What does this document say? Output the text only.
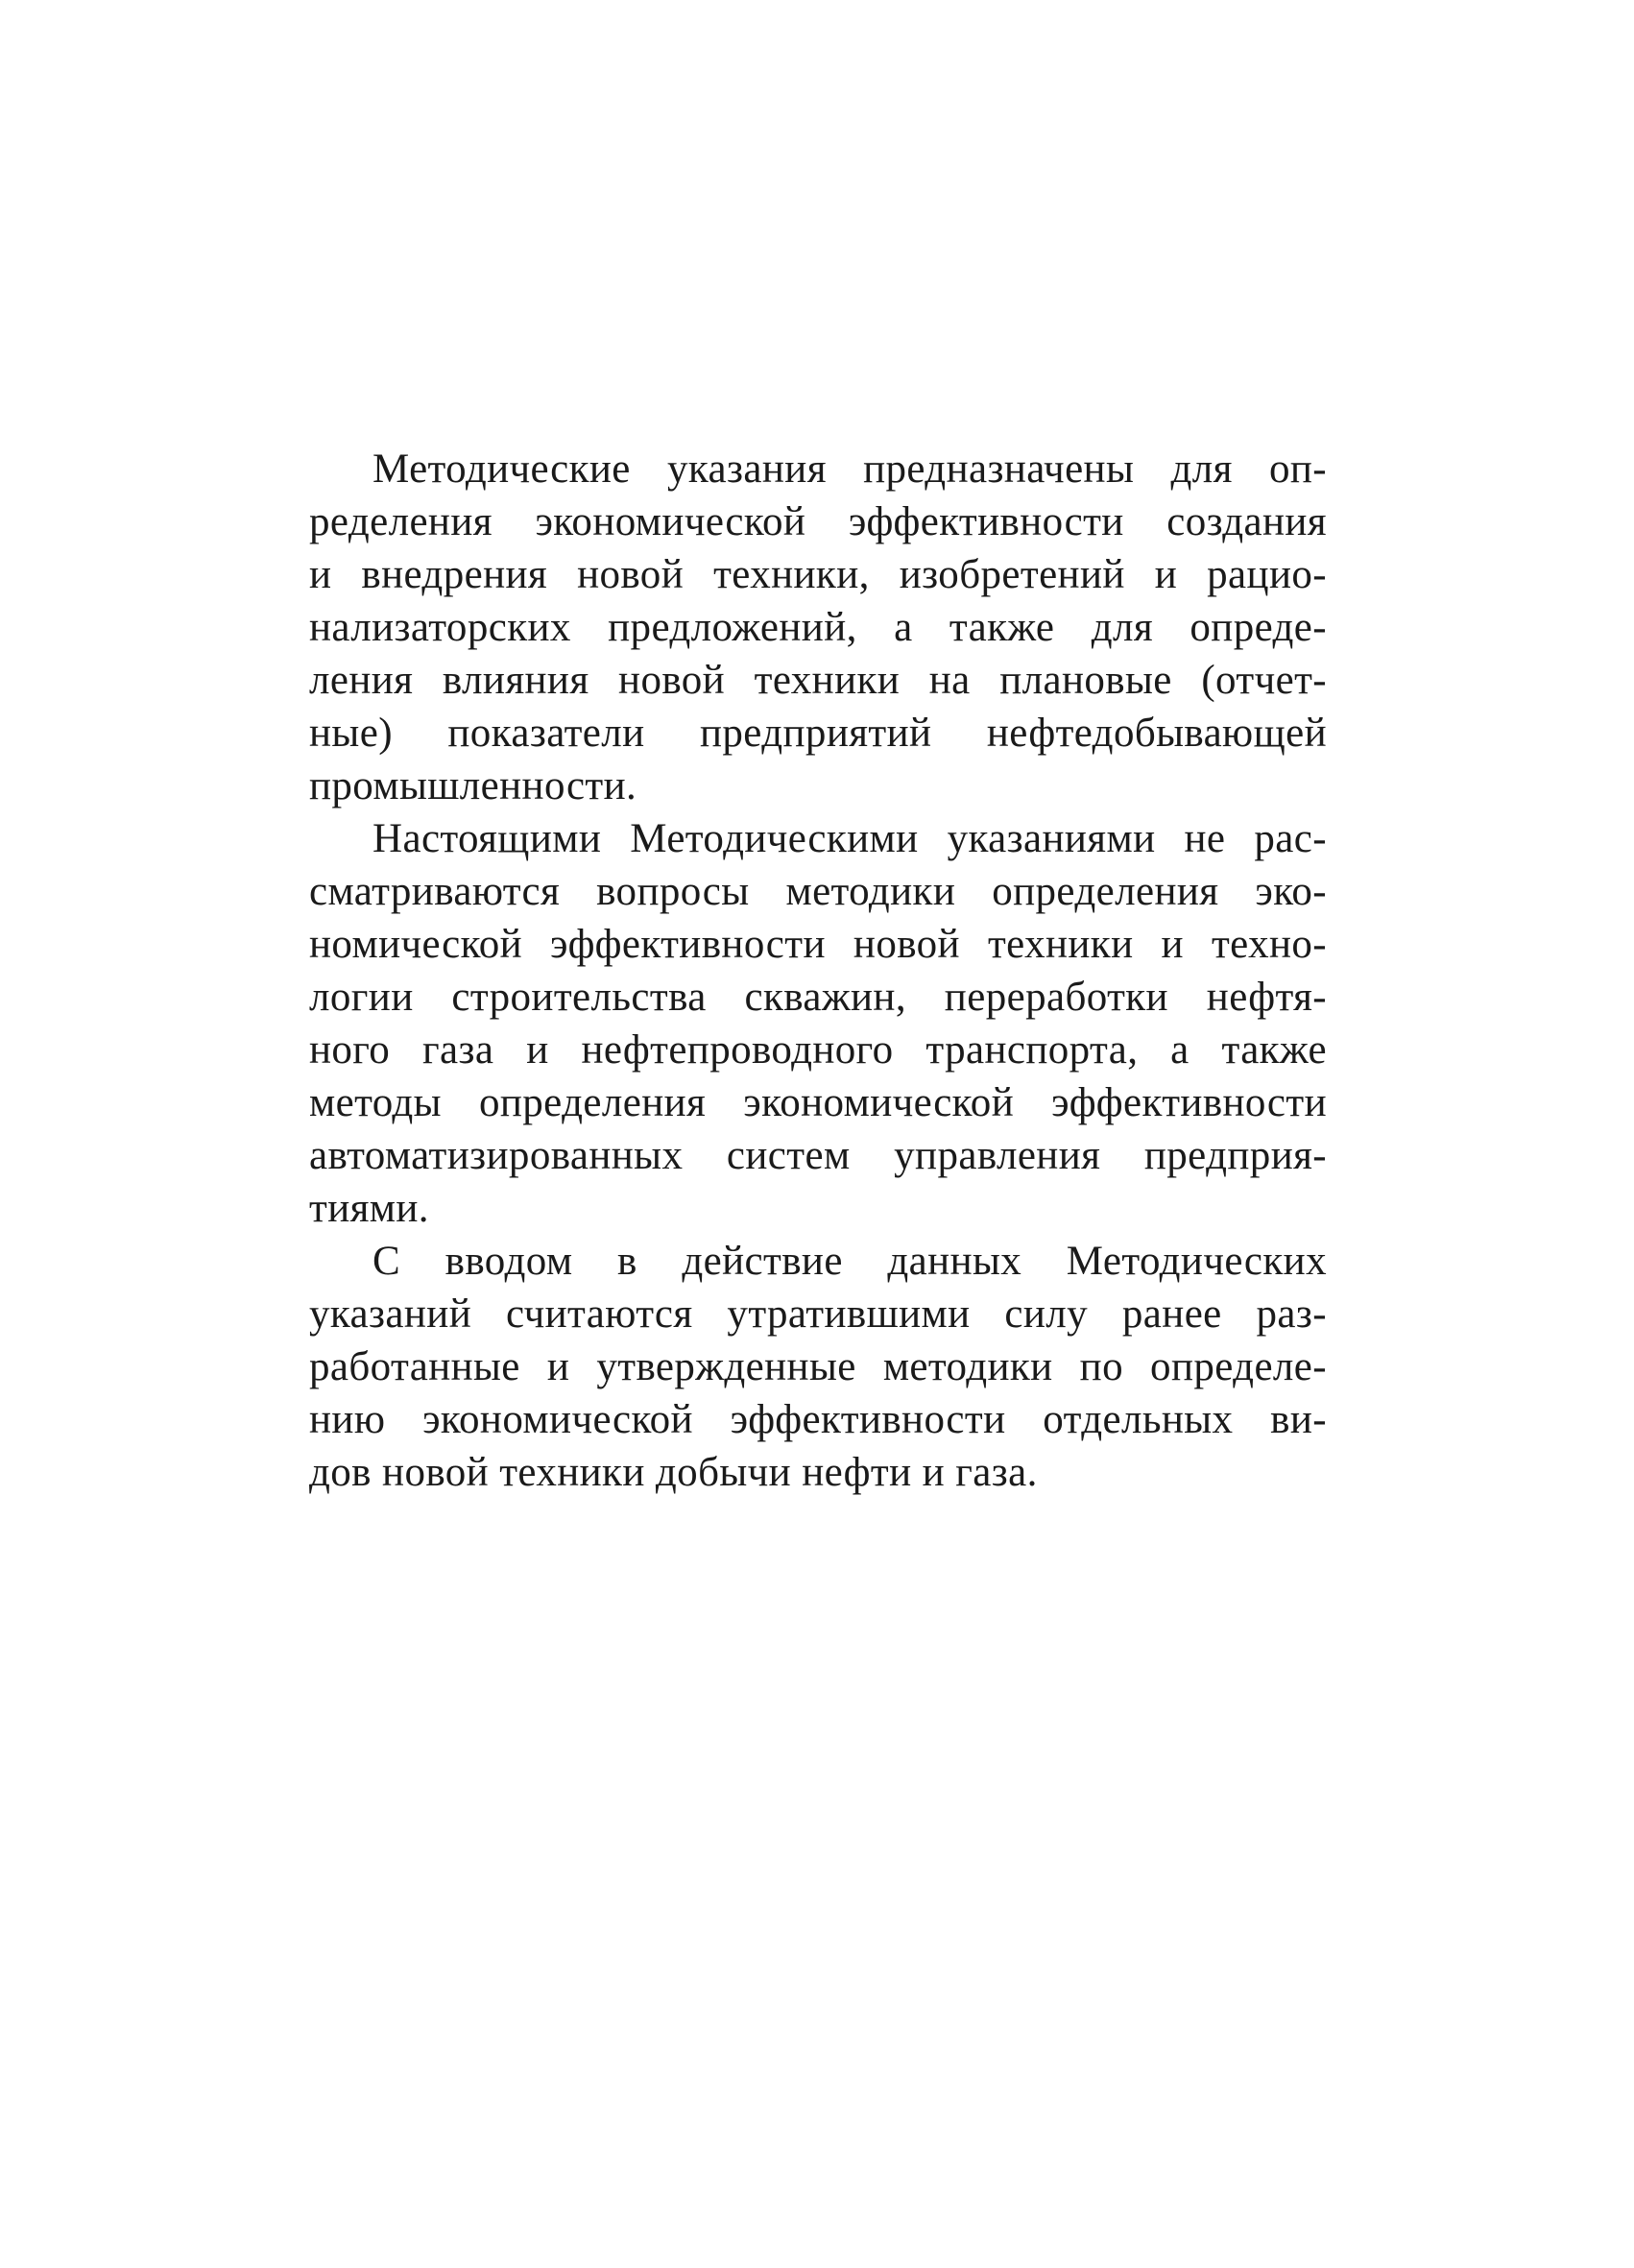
Методические указания предназначены для оп-
ределения экономической эффективности создания
и внедрения новой техники, изобретений и рацио-
нализаторских предложений, а также для опреде-
ления влияния новой техники на плановые (отчет-
ные) показатели предприятий нефтедобывающей
промышленности.

Настоящими Методическими указаниями не рас-
сматриваются вопросы методики определения эко-
номической эффективности новой техники и техно-
логии строительства скважин, переработки нефтя-
ного газа и нефтепроводного транспорта, а также
методы определения экономической эффективности
автоматизированных систем управления предприя-
тиями.

С вводом в действие данных Методических
указаний считаются утратившими силу ранее раз-
работанные и утвержденные методики по определе-
нию экономической эффективности отдельных ви-
дов новой техники добычи нефти и газа.
